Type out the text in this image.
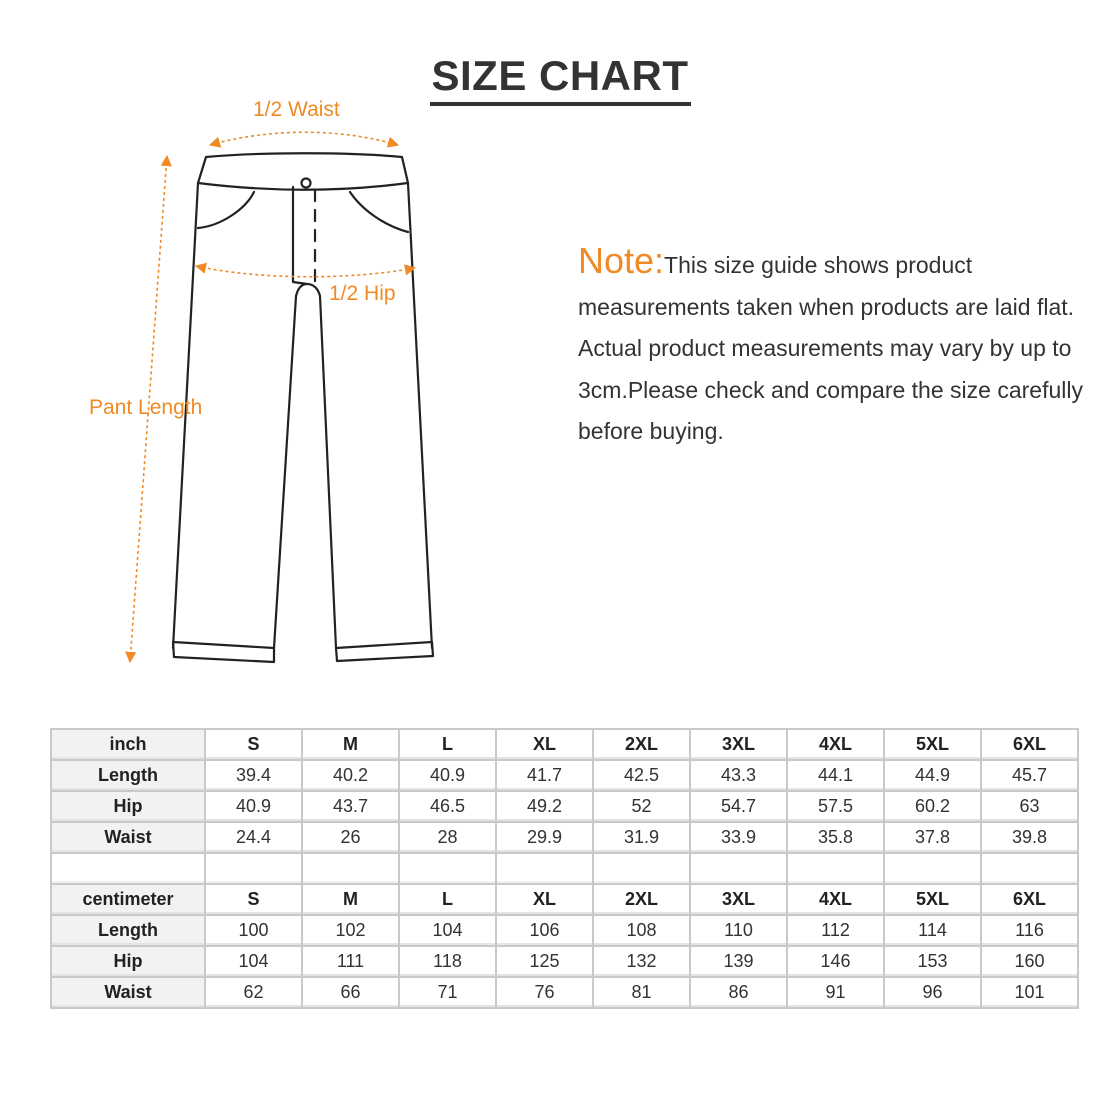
SIZE CHART
1/2 Waist
1/2 Hip
Pant Length
Note:This size guide shows product measurements taken when products are laid flat. Actual product measurements may vary by up to 3cm.Please check and compare the size carefully before buying.
inch	S	M	L	XL	2XL	3XL	4XL	5XL	6XL
Length	39.4	40.2	40.9	41.7	42.5	43.3	44.1	44.9	45.7
Hip	40.9	43.7	46.5	49.2	52	54.7	57.5	60.2	63
Waist	24.4	26	28	29.9	31.9	33.9	35.8	37.8	39.8

centimeter	S	M	L	XL	2XL	3XL	4XL	5XL	6XL
Length	100	102	104	106	108	110	112	114	116
Hip	104	111	118	125	132	139	146	153	160
Waist	62	66	71	76	81	86	91	96	101
